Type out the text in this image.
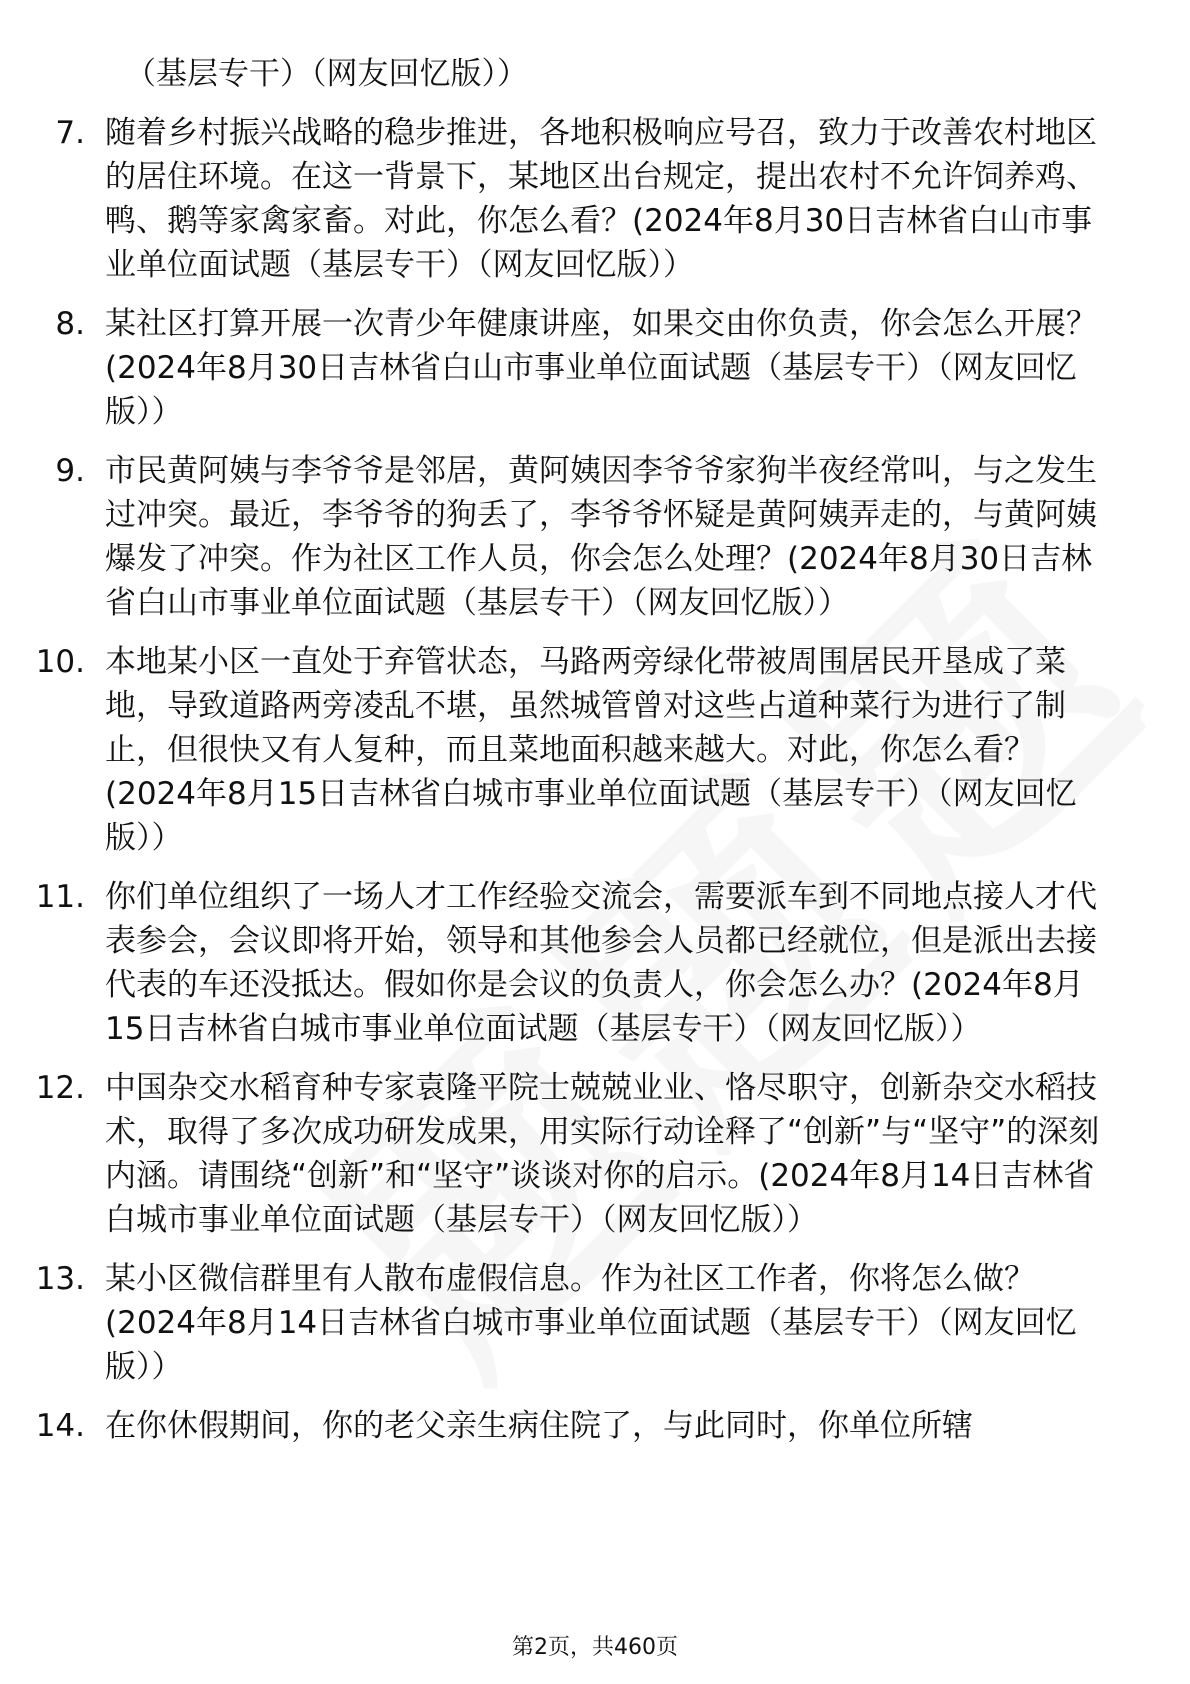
（基层专干）（网友回忆版））
7. 随着乡村振兴战略的稳步推进，各地积极响应号召，致力于改善农村地区的居住环境。在这一背景下，某地区出台规定，提出农村不允许饲养鸡、鸭、鹅等家禽家畜。对此，你怎么看？(2024年8月30日吉林省白山市事业单位面试题（基层专干）（网友回忆版））
8. 某社区打算开展一次青少年健康讲座，如果交由你负责，你会怎么开展？(2024年8月30日吉林省白山市事业单位面试题（基层专干）（网友回忆版））
9. 市民黄阿姨与李爷爷是邻居，黄阿姨因李爷爷家狗半夜经常叫，与之发生过冲突。最近，李爷爷的狗丢了，李爷爷怀疑是黄阿姨弄走的，与黄阿姨爆发了冲突。作为社区工作人员，你会怎么处理？(2024年8月30日吉林省白山市事业单位面试题（基层专干）（网友回忆版））
10. 本地某小区一直处于弃管状态，马路两旁绿化带被周围居民开垦成了菜地，导致道路两旁凌乱不堪，虽然城管曾对这些占道种菜行为进行了制止，但很快又有人复种，而且菜地面积越来越大。对此，你怎么看？(2024年8月15日吉林省白城市事业单位面试题（基层专干）（网友回忆版））
11. 你们单位组织了一场人才工作经验交流会，需要派车到不同地点接人才代表参会，会议即将开始，领导和其他参会人员都已经就位，但是派出去接代表的车还没抵达。假如你是会议的负责人，你会怎么办？(2024年8月15日吉林省白城市事业单位面试题（基层专干）（网友回忆版））
12. 中国杂交水稻育种专家袁隆平院士兢兢业业、恪尽职守，创新杂交水稻技术，取得了多次成功研发成果，用实际行动诠释了“创新”与“坚守”的深刻内涵。请围绕“创新”和“坚守”谈谈对你的启示。(2024年8月14日吉林省白城市事业单位面试题（基层专干）（网友回忆版））
13. 某小区微信群里有人散布虚假信息。作为社区工作者，你将怎么做？(2024年8月14日吉林省白城市事业单位面试题（基层专干）（网友回忆版））
14. 在你休假期间，你的老父亲生病住院了，与此同时，你单位所辖
第2页，共460页
